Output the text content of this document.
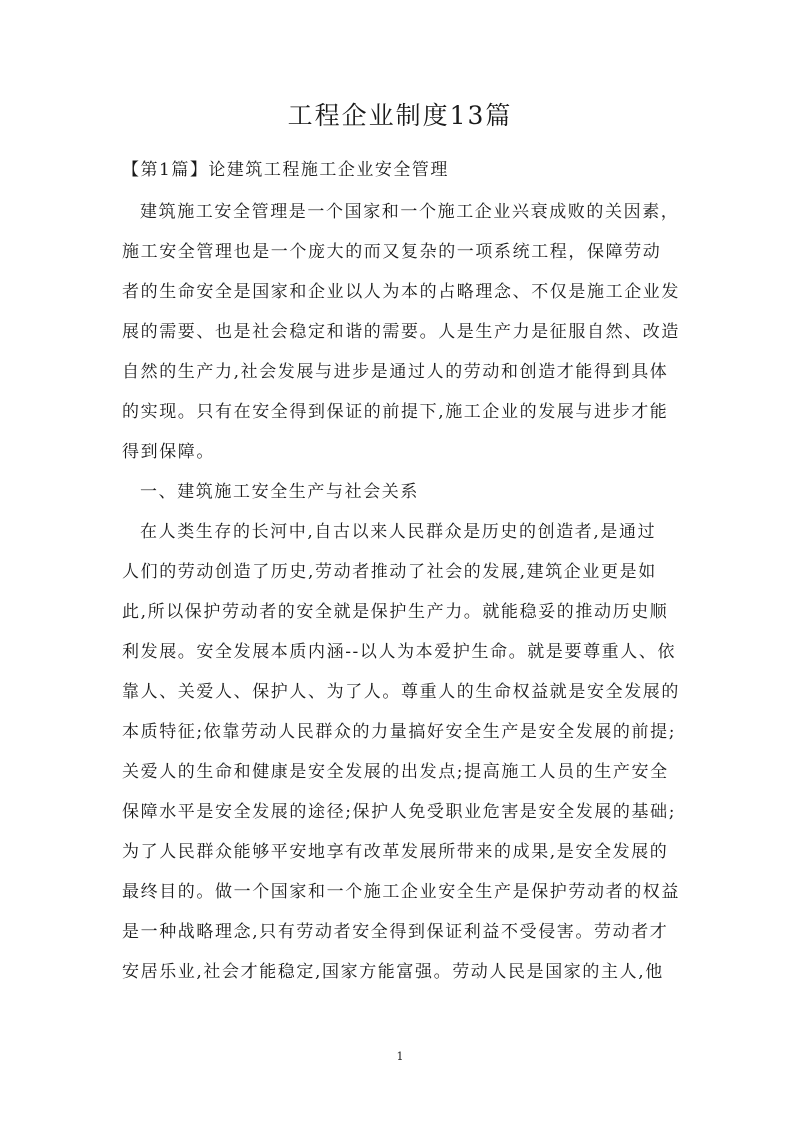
工程企业制度13篇
【第1篇】论建筑工程施工企业安全管理

建筑施工安全管理是一个国家和一个施工企业兴衰成败的关因素，

施工安全管理也是一个庞大的而又复杂的一项系统工程，保障劳动

者的生命安全是国家和企业以人为本的占略理念、不仅是施工企业发

展的需要、也是社会稳定和谐的需要。人是生产力是征服自然、改造

自然的生产力,社会发展与进步是通过人的劳动和创造才能得到具体

的实现。只有在安全得到保证的前提下,施工企业的发展与进步才能

得到保障。

一、建筑施工安全生产与社会关系

在人类生存的长河中,自古以来人民群众是历史的创造者,是通过

人们的劳动创造了历史,劳动者推动了社会的发展,建筑企业更是如

此,所以保护劳动者的安全就是保护生产力。就能稳妥的推动历史顺

利发展。安全发展本质内涵--以人为本爱护生命。就是要尊重人、依

靠人、关爱人、保护人、为了人。尊重人的生命权益就是安全发展的

本质特征;依靠劳动人民群众的力量搞好安全生产是安全发展的前提;

关爱人的生命和健康是安全发展的出发点;提高施工人员的生产安全

保障水平是安全发展的途径;保护人免受职业危害是安全发展的基础;

为了人民群众能够平安地享有改革发展所带来的成果,是安全发展的

最终目的。做一个国家和一个施工企业安全生产是保护劳动者的权益

是一种战略理念,只有劳动者安全得到保证利益不受侵害。劳动者才

安居乐业,社会才能稳定,国家方能富强。劳动人民是国家的主人,他

1
